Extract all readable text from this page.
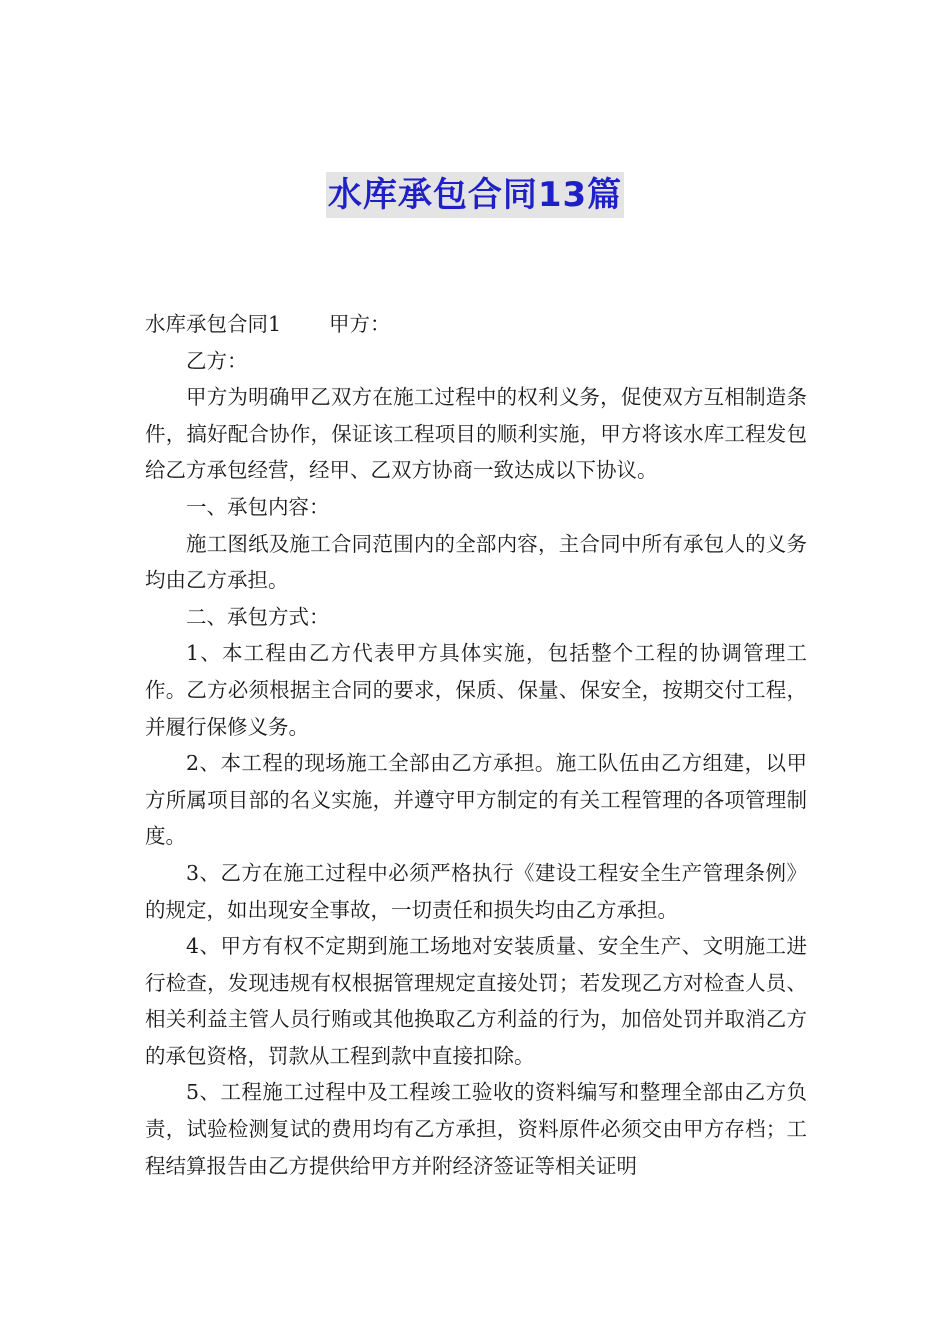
水库承包合同13篇

水库承包合同1 甲方：

乙方：

甲方为明确甲乙双方在施工过程中的权利义务，促使双方互相制造条件，搞好配合协作，保证该工程项目的顺利实施，甲方将该水库工程发包给乙方承包经营，经甲、乙双方协商一致达成以下协议。

一、承包内容：

施工图纸及施工合同范围内的全部内容，主合同中所有承包人的义务均由乙方承担。

二、承包方式：

1、本工程由乙方代表甲方具体实施，包括整个工程的协调管理工作。乙方必须根据主合同的要求，保质、保量、保安全，按期交付工程，并履行保修义务。

2、本工程的现场施工全部由乙方承担。施工队伍由乙方组建，以甲方所属项目部的名义实施，并遵守甲方制定的有关工程管理的各项管理制度。

3、乙方在施工过程中必须严格执行《建设工程安全生产管理条例》的规定，如出现安全事故，一切责任和损失均由乙方承担。

4、甲方有权不定期到施工场地对安装质量、安全生产、文明施工进行检查，发现违规有权根据管理规定直接处罚；若发现乙方对检查人员、相关利益主管人员行贿或其他换取乙方利益的行为，加倍处罚并取消乙方的承包资格，罚款从工程到款中直接扣除。

5、工程施工过程中及工程竣工验收的资料编写和整理全部由乙方负责，试验检测复试的费用均有乙方承担，资料原件必须交由甲方存档；工程结算报告由乙方提供给甲方并附经济签证等相关证明
